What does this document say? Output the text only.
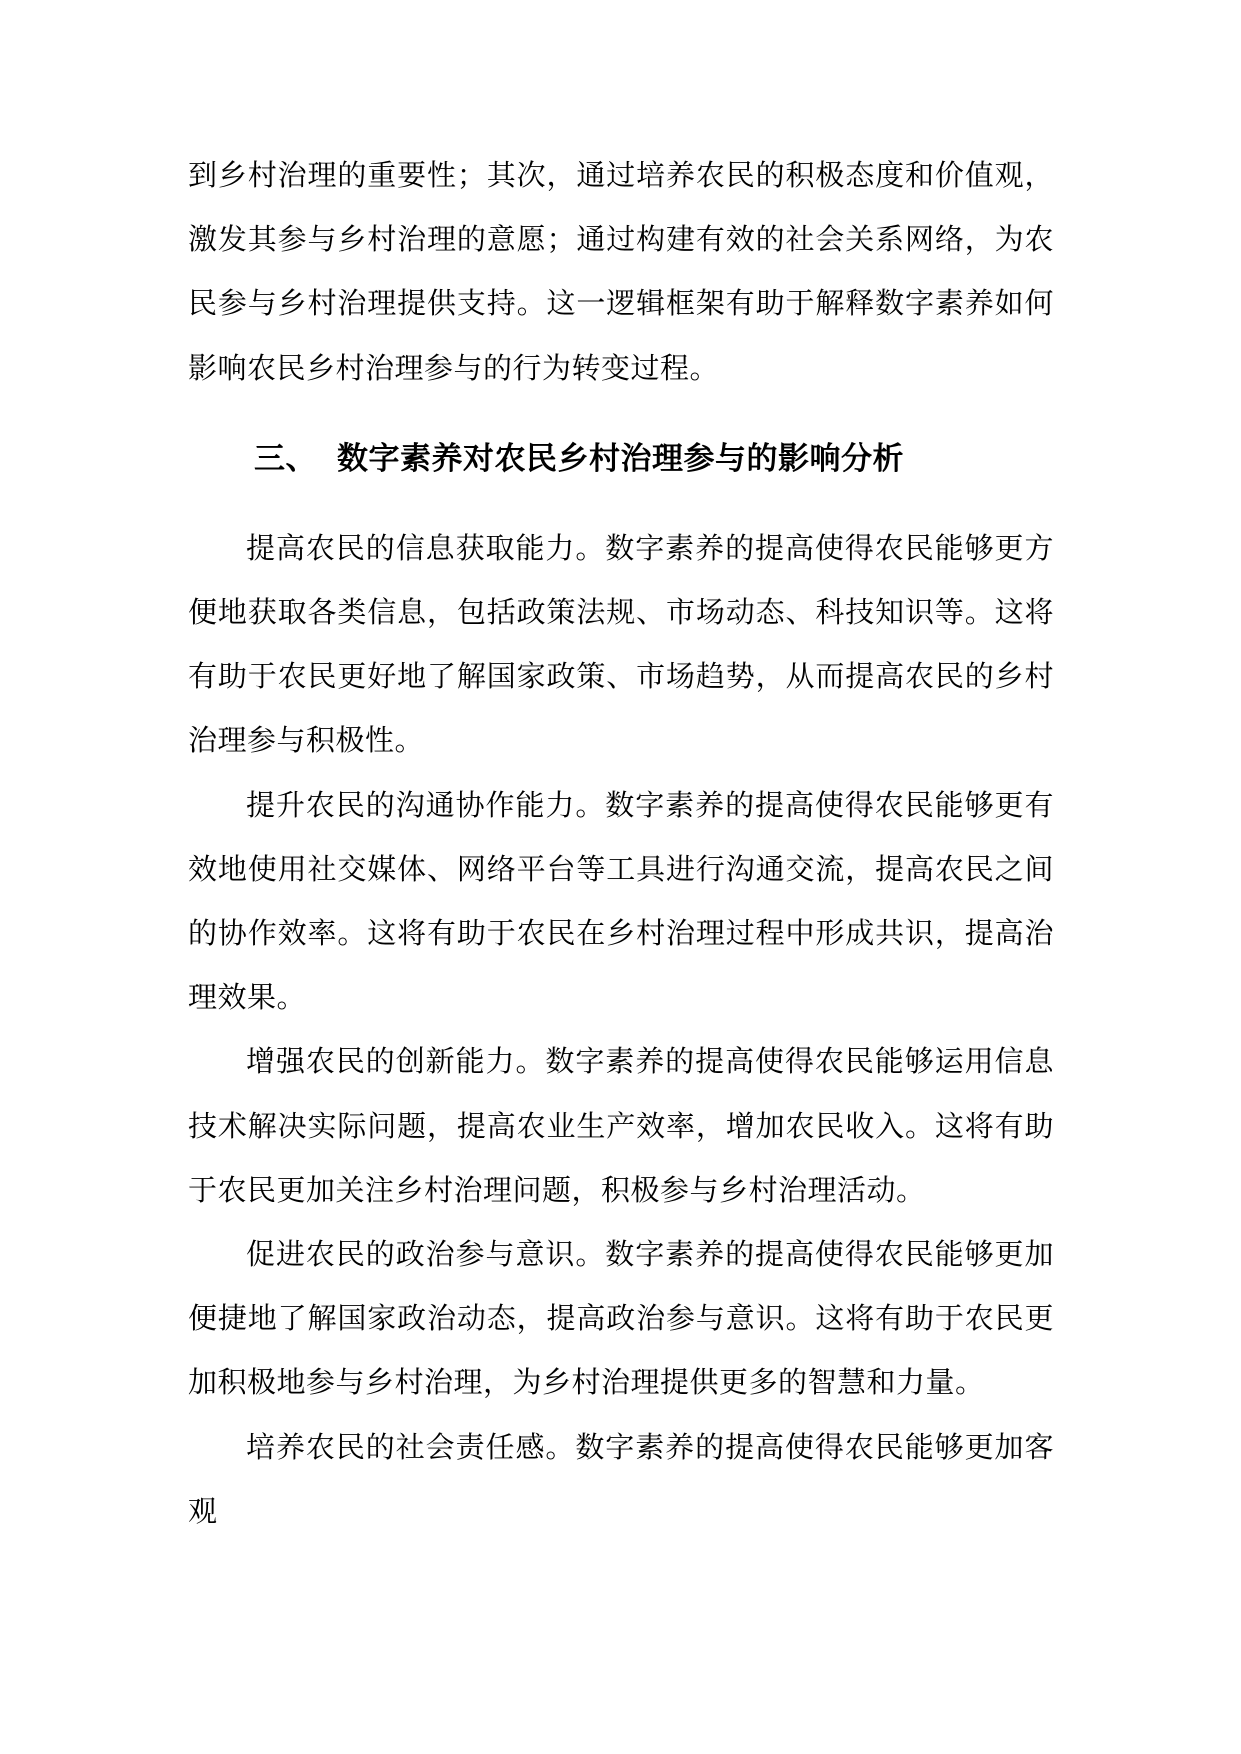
到乡村治理的重要性；其次，通过培养农民的积极态度和价值观，激发其参与乡村治理的意愿；通过构建有效的社会关系网络，为农民参与乡村治理提供支持。这一逻辑框架有助于解释数字素养如何影响农民乡村治理参与的行为转变过程。

三、 数字素养对农民乡村治理参与的影响分析

提高农民的信息获取能力。数字素养的提高使得农民能够更方便地获取各类信息，包括政策法规、市场动态、科技知识等。这将有助于农民更好地了解国家政策、市场趋势，从而提高农民的乡村治理参与积极性。

提升农民的沟通协作能力。数字素养的提高使得农民能够更有效地使用社交媒体、网络平台等工具进行沟通交流，提高农民之间的协作效率。这将有助于农民在乡村治理过程中形成共识，提高治理效果。

增强农民的创新能力。数字素养的提高使得农民能够运用信息技术解决实际问题，提高农业生产效率，增加农民收入。这将有助于农民更加关注乡村治理问题，积极参与乡村治理活动。

促进农民的政治参与意识。数字素养的提高使得农民能够更加便捷地了解国家政治动态，提高政治参与意识。这将有助于农民更加积极地参与乡村治理，为乡村治理提供更多的智慧和力量。

培养农民的社会责任感。数字素养的提高使得农民能够更加客观
